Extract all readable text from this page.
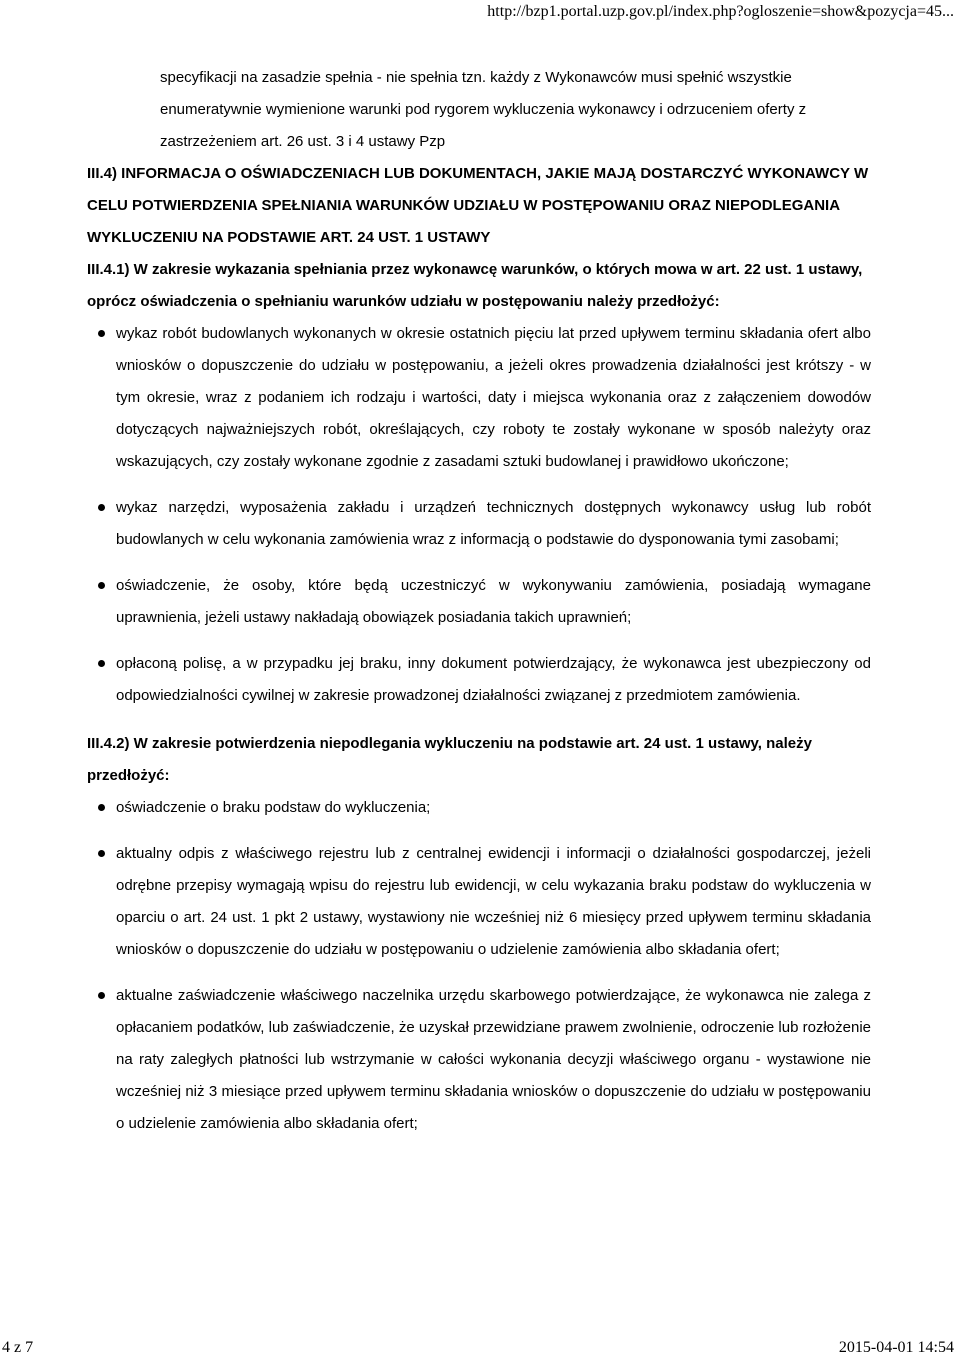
http://bzp1.portal.uzp.gov.pl/index.php?ogloszenie=show&pozycja=45...
specyfikacji na zasadzie spełnia - nie spełnia tzn. każdy z Wykonawców musi spełnić wszystkie enumeratywnie wymienione warunki pod rygorem wykluczenia wykonawcy i odrzuceniem oferty z zastrzeżeniem art. 26 ust. 3 i 4 ustawy Pzp
III.4) INFORMACJA O OŚWIADCZENIACH LUB DOKUMENTACH, JAKIE MAJĄ DOSTARCZYĆ WYKONAWCY W CELU POTWIERDZENIA SPEŁNIANIA WARUNKÓW UDZIAŁU W POSTĘPOWANIU ORAZ NIEPODLEGANIA WYKLUCZENIU NA PODSTAWIE ART. 24 UST. 1 USTAWY
III.4.1) W zakresie wykazania spełniania przez wykonawcę warunków, o których mowa w art. 22 ust. 1 ustawy, oprócz oświadczenia o spełnianiu warunków udziału w postępowaniu należy przedłożyć:
wykaz robót budowlanych wykonanych w okresie ostatnich pięciu lat przed upływem terminu składania ofert albo wniosków o dopuszczenie do udziału w postępowaniu, a jeżeli okres prowadzenia działalności jest krótszy - w tym okresie, wraz z podaniem ich rodzaju i wartości, daty i miejsca wykonania oraz z załączeniem dowodów dotyczących najważniejszych robót, określających, czy roboty te zostały wykonane w sposób należyty oraz wskazujących, czy zostały wykonane zgodnie z zasadami sztuki budowlanej i prawidłowo ukończone;
wykaz narzędzi, wyposażenia zakładu i urządzeń technicznych dostępnych wykonawcy usług lub robót budowlanych w celu wykonania zamówienia wraz z informacją o podstawie do dysponowania tymi zasobami;
oświadczenie, że osoby, które będą uczestniczyć w wykonywaniu zamówienia, posiadają wymagane uprawnienia, jeżeli ustawy nakładają obowiązek posiadania takich uprawnień;
opłaconą polisę, a w przypadku jej braku, inny dokument potwierdzający, że wykonawca jest ubezpieczony od odpowiedzialności cywilnej w zakresie prowadzonej działalności związanej z przedmiotem zamówienia.
III.4.2) W zakresie potwierdzenia niepodlegania wykluczeniu na podstawie art. 24 ust. 1 ustawy, należy przedłożyć:
oświadczenie o braku podstaw do wykluczenia;
aktualny odpis z właściwego rejestru lub z centralnej ewidencji i informacji o działalności gospodarczej, jeżeli odrębne przepisy wymagają wpisu do rejestru lub ewidencji, w celu wykazania braku podstaw do wykluczenia w oparciu o art. 24 ust. 1 pkt 2 ustawy, wystawiony nie wcześniej niż 6 miesięcy przed upływem terminu składania wniosków o dopuszczenie do udziału w postępowaniu o udzielenie zamówienia albo składania ofert;
aktualne zaświadczenie właściwego naczelnika urzędu skarbowego potwierdzające, że wykonawca nie zalega z opłacaniem podatków, lub zaświadczenie, że uzyskał przewidziane prawem zwolnienie, odroczenie lub rozłożenie na raty zaległych płatności lub wstrzymanie w całości wykonania decyzji właściwego organu - wystawione nie wcześniej niż 3 miesiące przed upływem terminu składania wniosków o dopuszczenie do udziału w postępowaniu o udzielenie zamówienia albo składania ofert;
4 z 7	2015-04-01 14:54
